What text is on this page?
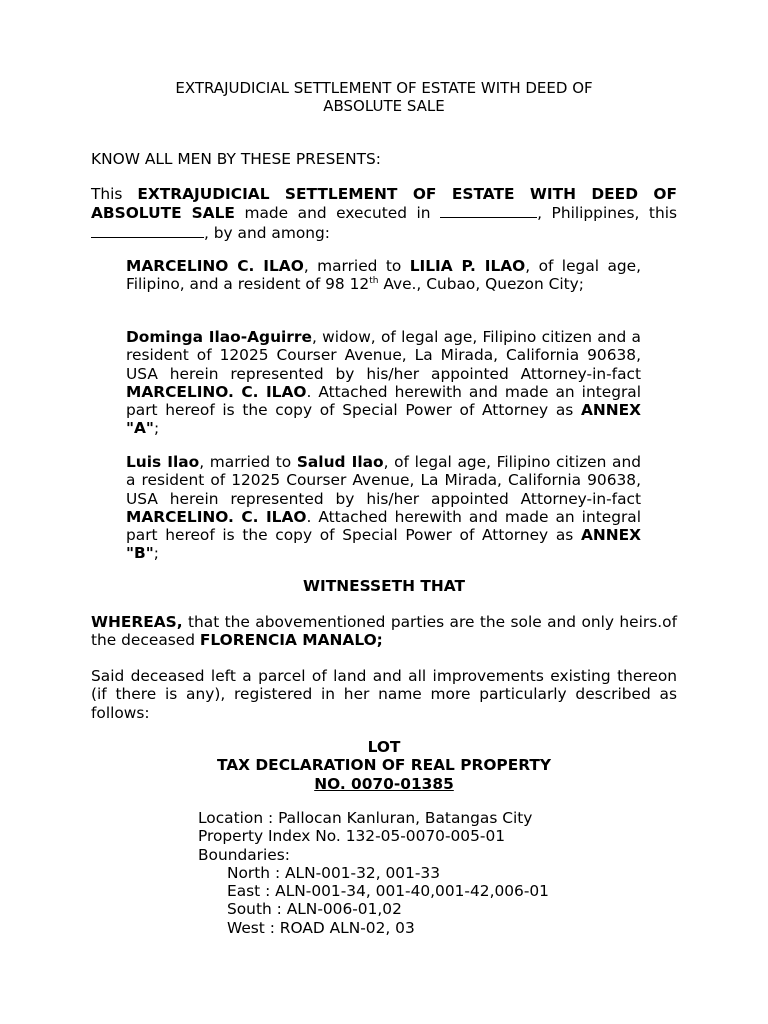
EXTRAJUDICIAL SETTLEMENT OF ESTATE WITH DEED OF
ABSOLUTE SALE
KNOW ALL MEN BY THESE PRESENTS:
This EXTRAJUDICIAL SETTLEMENT OF ESTATE WITH DEED OF ABSOLUTE SALE made and executed in	, Philippines, this , by and among:
MARCELINO C. ILAO, married to LILIA P. ILAO, of legal age, Filipino, and a resident of 98 12th Ave., Cubao, Quezon City;
Dominga Ilao-Aguirre, widow, of legal age, Filipino citizen and a resident of 12025 Courser Avenue, La Mirada, California 90638, USA herein represented by his/her appointed Attorney-in-fact MARCELINO. C. ILAO. Attached herewith and made an integral part hereof is the copy of Special Power of Attorney as ANNEX "A";
Luis Ilao, married to Salud Ilao, of legal age, Filipino citizen and a resident of 12025 Courser Avenue, La Mirada, California 90638, USA herein represented by his/her appointed Attorney-in-fact MARCELINO. C. ILAO. Attached herewith and made an integral part hereof is the copy of Special Power of Attorney as ANNEX "B";
WITNESSETH THAT
WHEREAS, that the abovementioned parties are the sole and only heirs.of the deceased FLORENCIA MANALO;
Said deceased left a parcel of land and all improvements existing thereon (if there is any), registered in her name more particularly described as follows:
LOT
TAX DECLARATION OF REAL PROPERTY
NO. 0070-01385
Location : Pallocan Kanluran, Batangas City
Property Index No. 132-05-0070-005-01
Boundaries:
North : ALN-001-32, 001-33
East : ALN-001-34, 001-40,001-42,006-01
South : ALN-006-01,02
West : ROAD ALN-02, 03
